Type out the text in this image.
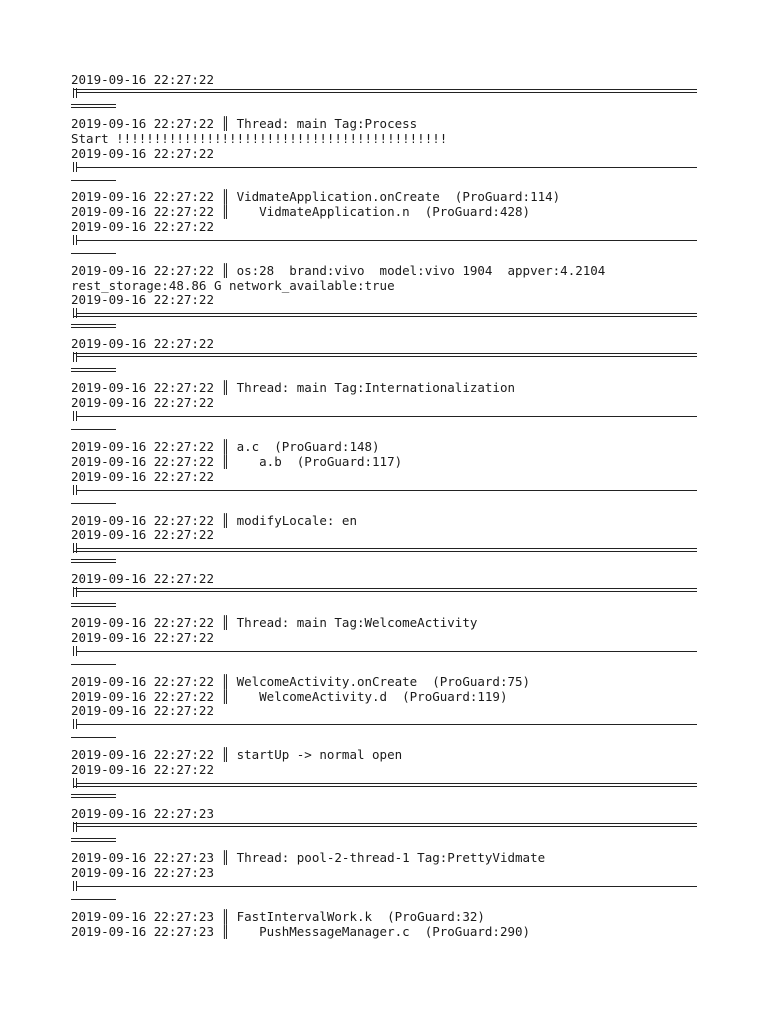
2019-09-16 22:27:22
2019-09-16 22:27:22 ║ Thread: main Tag:Process
Start !!!!!!!!!!!!!!!!!!!!!!!!!!!!!!!!!!!!!!!!!!!!
2019-09-16 22:27:22
2019-09-16 22:27:22 ║ VidmateApplication.onCreate  (ProGuard:114)
2019-09-16 22:27:22 ║    VidmateApplication.n  (ProGuard:428)
2019-09-16 22:27:22
2019-09-16 22:27:22 ║ os:28  brand:vivo  model:vivo 1904  appver:4.2104
rest_storage:48.86 G network_available:true
2019-09-16 22:27:22
2019-09-16 22:27:22
2019-09-16 22:27:22 ║ Thread: main Tag:Internationalization
2019-09-16 22:27:22
2019-09-16 22:27:22 ║ a.c  (ProGuard:148)
2019-09-16 22:27:22 ║    a.b  (ProGuard:117)
2019-09-16 22:27:22
2019-09-16 22:27:22 ║ modifyLocale: en
2019-09-16 22:27:22
2019-09-16 22:27:22
2019-09-16 22:27:22 ║ Thread: main Tag:WelcomeActivity
2019-09-16 22:27:22
2019-09-16 22:27:22 ║ WelcomeActivity.onCreate  (ProGuard:75)
2019-09-16 22:27:22 ║    WelcomeActivity.d  (ProGuard:119)
2019-09-16 22:27:22
2019-09-16 22:27:22 ║ startUp -> normal open
2019-09-16 22:27:22
2019-09-16 22:27:23
2019-09-16 22:27:23 ║ Thread: pool-2-thread-1 Tag:PrettyVidmate
2019-09-16 22:27:23
2019-09-16 22:27:23 ║ FastIntervalWork.k  (ProGuard:32)
2019-09-16 22:27:23 ║    PushMessageManager.c  (ProGuard:290)
